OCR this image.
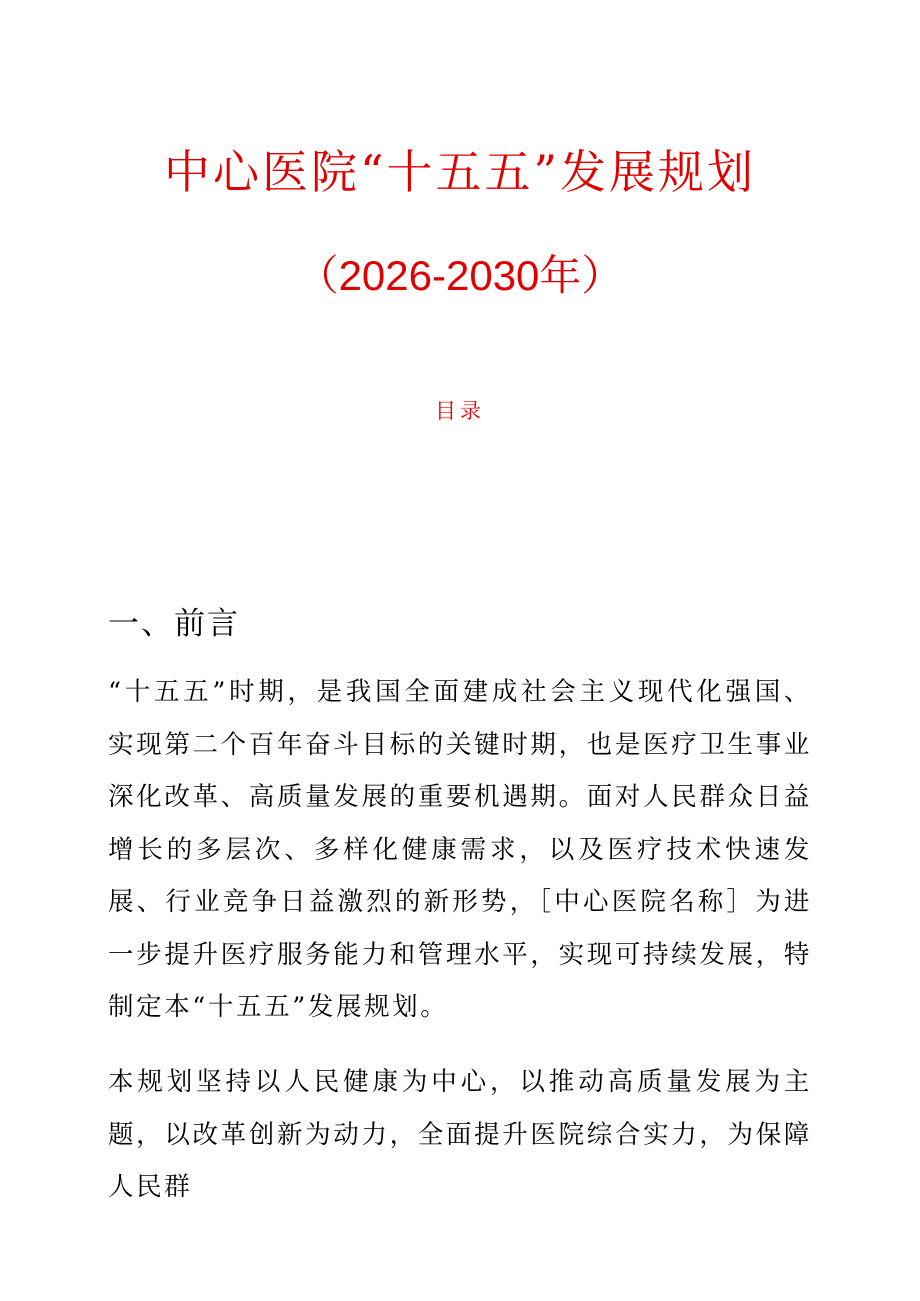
中心医院“十五五”发展规划
（2026-2030年）
目录
一、前言

“十五五”时期，是我国全面建成社会主义现代化强国、实现第二个百年奋斗目标的关键时期，也是医疗卫生事业深化改革、高质量发展的重要机遇期。面对人民群众日益增长的多层次、多样化健康需求，以及医疗技术快速发展、行业竞争日益激烈的新形势，［中心医院名称］为进一步提升医疗服务能力和管理水平，实现可持续发展，特制定本“十五五”发展规划。

本规划坚持以人民健康为中心，以推动高质量发展为主题，以改革创新为动力，全面提升医院综合实力，为保障人民群
